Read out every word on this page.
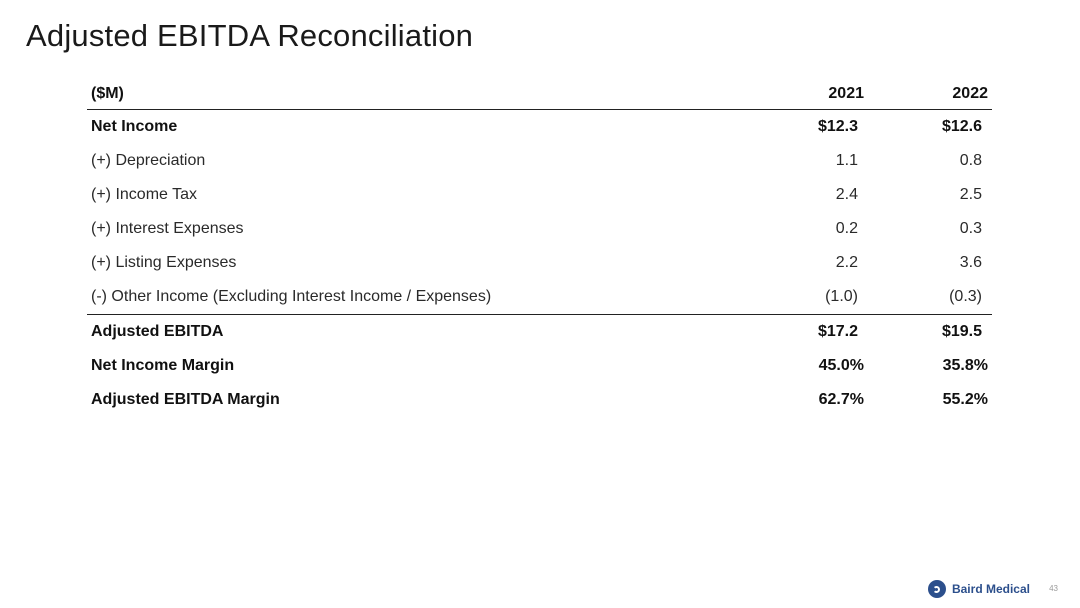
Adjusted EBITDA Reconciliation
($M)	2021	2022
Net Income	$12.3	$12.6
(+) Depreciation	1.1	0.8
(+) Income Tax	2.4	2.5
(+) Interest Expenses	0.2	0.3
(+) Listing Expenses	2.2	3.6
(-) Other Income (Excluding Interest Income / Expenses)	(1.0)	(0.3)
Adjusted EBITDA	$17.2	$19.5
Net Income Margin	45.0%	35.8%
Adjusted EBITDA Margin	62.7%	55.2%
Baird Medical 43
